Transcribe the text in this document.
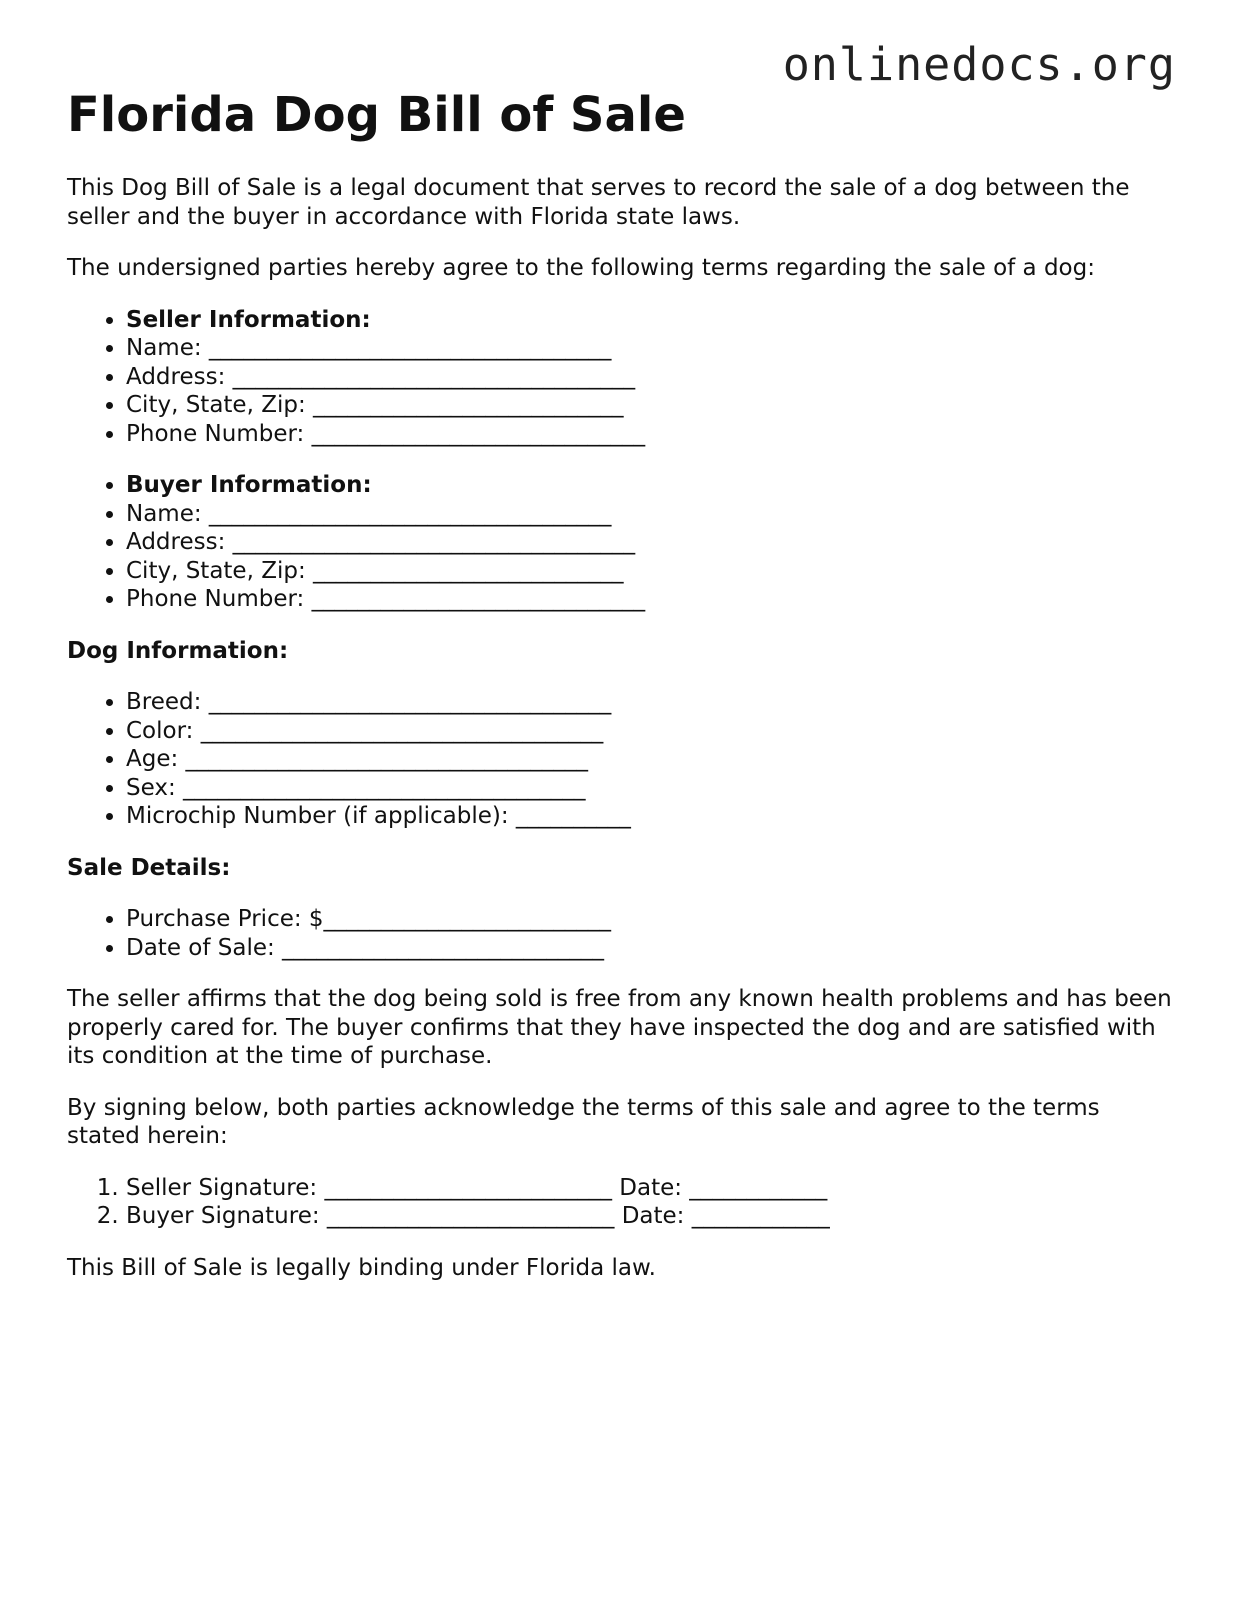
onlinedocs.org
Florida Dog Bill of Sale

This Dog Bill of Sale is a legal document that serves to record the sale of a dog between the seller and the buyer in accordance with Florida state laws.

The undersigned parties hereby agree to the following terms regarding the sale of a dog:

• Seller Information:
• Name: ___________________________________
• Address: ___________________________________
• City, State, Zip: ___________________________
• Phone Number: _____________________________
• Buyer Information:
• Name: ___________________________________
• Address: ___________________________________
• City, State, Zip: ___________________________
• Phone Number: _____________________________
Dog Information:
• Breed: ___________________________________
• Color: ___________________________________
• Age: ___________________________________
• Sex: ___________________________________
• Microchip Number (if applicable): __________
Sale Details:
• Purchase Price: $_________________________
• Date of Sale: ____________________________

The seller affirms that the dog being sold is free from any known health problems and has been properly cared for. The buyer confirms that they have inspected the dog and are satisfied with its condition at the time of purchase.

By signing below, both parties acknowledge the terms of this sale and agree to the terms stated herein:

1. Seller Signature: _________________________ Date: ____________
2. Buyer Signature: _________________________ Date: ____________

This Bill of Sale is legally binding under Florida law.
